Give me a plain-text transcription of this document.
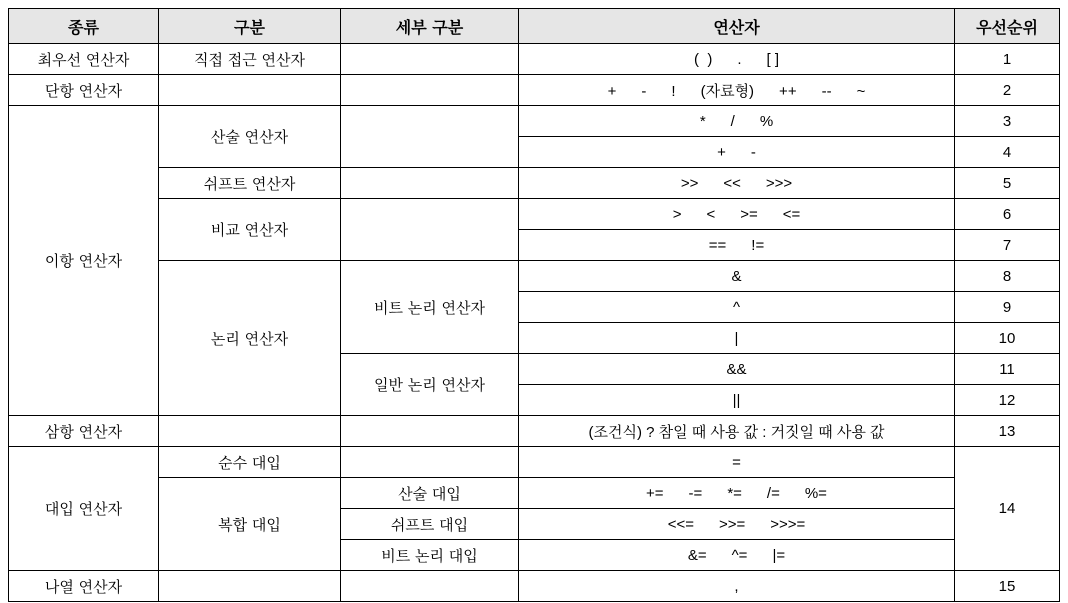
종류	구분	세부 구분	연산자	우선순위
최우선 연산자	직접 접근 연산자		(  )      .      [ ]	1
단항 연산자			+      -      !      (자료형)      ++      --      ~	2
이항 연산자	산술 연산자		*      /      %	3
			+      -	4
	쉬프트 연산자		>>      <<      >>>	5
	비교 연산자		>      <      >=      <=	6
			==      !=	7
	논리 연산자	비트 논리 연산자	&	8
			^	9
			|	10
		일반 논리 연산자	&&	11
			||	12
삼항 연산자			(조건식) ? 참일 때 사용 값 : 거짓일 때 사용 값	13
대입 연산자	순수 대입		=	14
	복합 대입	산술 대입	+=      -=      *=      /=      %=	
		쉬프트 대입	<<=      >>=      >>>=	
		비트 논리 대입	&=      ^=      |=	
나열 연산자			,	15
